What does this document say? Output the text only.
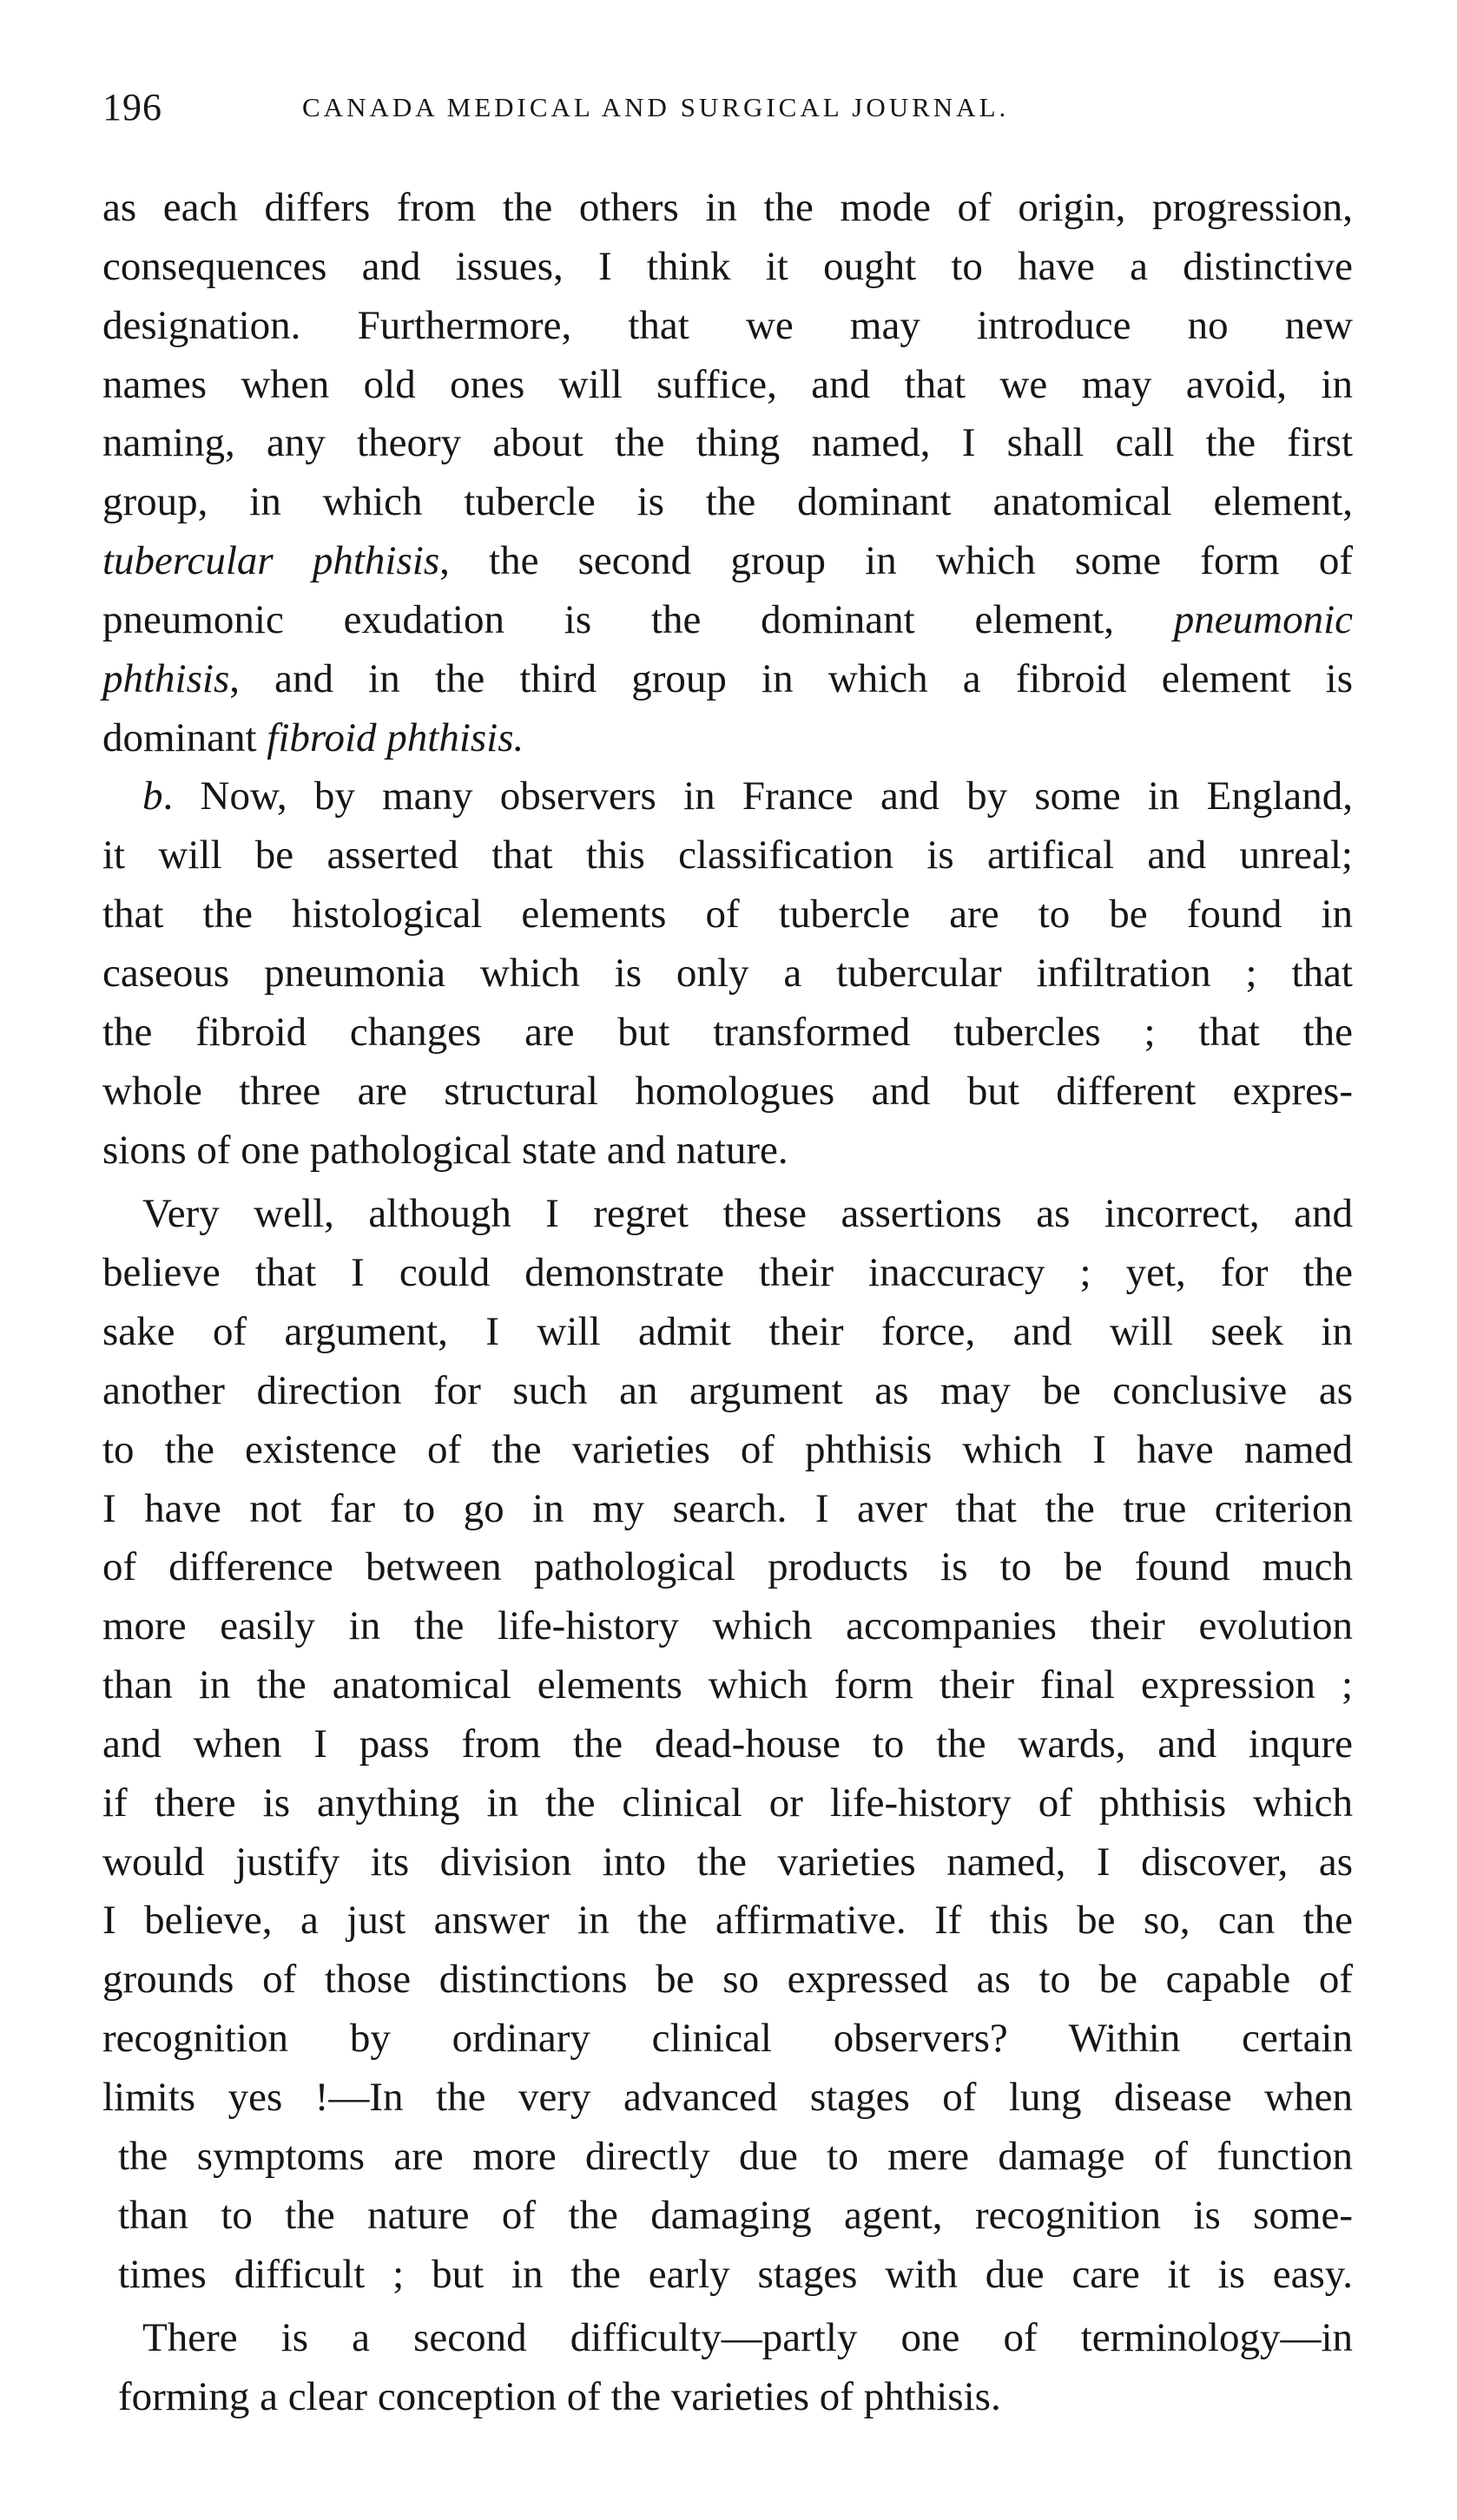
196	CANADA MEDICAL AND SURGICAL JOURNAL.
as each differs from the others in the mode of origin, progression,
consequences and issues, I think it ought to have a distinctive
designation. Furthermore, that we may introduce no new
names when old ones will suffice, and that we may avoid, in
naming, any theory about the thing named, I shall call the first
group, in which tubercle is the dominant anatomical element,
tubercular phthisis, the second group in which some form of
pneumonic exudation is the dominant element, pneumonic
phthisis, and in the third group in which a fibroid element is
dominant fibroid phthisis.
b. Now, by many observers in France and by some in England,
it will be asserted that this classification is artifical and unreal;
that the histological elements of tubercle are to be found in
caseous pneumonia which is only a tubercular infiltration ; that
the fibroid changes are but transformed tubercles ; that the
whole three are structural homologues and but different expres-
sions of one pathological state and nature.
Very well, although I regret these assertions as incorrect, and
believe that I could demonstrate their inaccuracy ; yet, for the
sake of argument, I will admit their force, and will seek in
another direction for such an argument as may be conclusive as
to the existence of the varieties of phthisis which I have named
I have not far to go in my search. I aver that the true criterion
of difference between pathological products is to be found much
more easily in the life-history which accompanies their evolution
than in the anatomical elements which form their final expression ;
and when I pass from the dead-house to the wards, and inqure
if there is anything in the clinical or life-history of phthisis which
would justify its division into the varieties named, I discover, as
I believe, a just answer in the affirmative. If this be so, can the
grounds of those distinctions be so expressed as to be capable of
recognition by ordinary clinical observers? Within certain
limits yes !—In the very advanced stages of lung disease when
the symptoms are more directly due to mere damage of function
than to the nature of the damaging agent, recognition is some-
times difficult ; but in the early stages with due care it is easy.
There is a second difficulty—partly one of terminology—in
forming a clear conception of the varieties of phthisis.
